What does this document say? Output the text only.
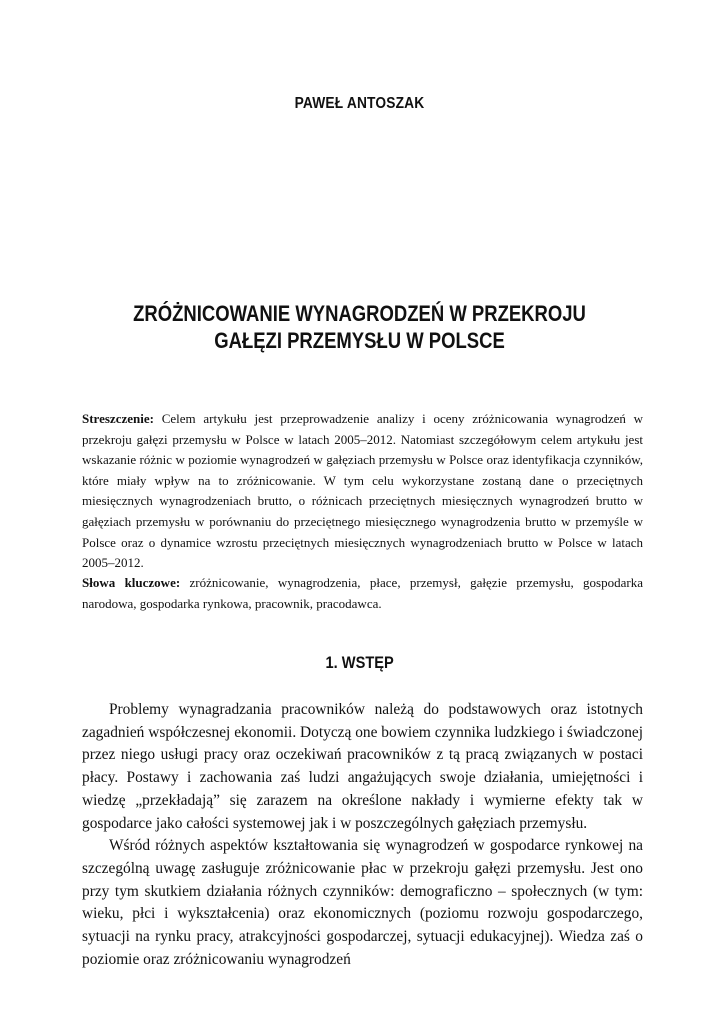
PAWEŁ ANTOSZAK
ZRÓŻNICOWANIE WYNAGRODZEŃ W PRZEKROJU
GAŁĘZI PRZEMYSŁU W POLSCE
Streszczenie: Celem artykułu jest przeprowadzenie analizy i oceny zróżnicowania wynagrodzeń w przekroju gałęzi przemysłu w Polsce w latach 2005–2012. Natomiast szczegółowym celem artykułu jest wskazanie różnic w poziomie wynagrodzeń w gałęziach przemysłu w Polsce oraz identyfikacja czynników, które miały wpływ na to zróżnicowanie. W tym celu wykorzystane zostaną dane o przeciętnych miesięcznych wynagrodzeniach brutto, o różnicach przeciętnych miesięcznych wynagrodzeń brutto w gałęziach przemysłu w porównaniu do przeciętnego miesięcznego wynagrodzenia brutto w przemyśle w Polsce oraz o dynamice wzrostu przeciętnych miesięcznych wynagrodzeniach brutto w Polsce w latach 2005–2012.
Słowa kluczowe: zróżnicowanie, wynagrodzenia, płace, przemysł, gałęzie przemysłu, gospodarka narodowa, gospodarka rynkowa, pracownik, pracodawca.
1. WSTĘP

Problemy wynagradzania pracowników należą do podstawowych oraz istotnych zagadnień współczesnej ekonomii. Dotyczą one bowiem czynnika ludzkiego i świadczonej przez niego usługi pracy oraz oczekiwań pracowników z tą pracą związanych w postaci płacy. Postawy i zachowania zaś ludzi angażujących swoje działania, umiejętności i wiedzę „przekładają” się zarazem na określone nakłady i wymierne efekty tak w gospodarce jako całości systemowej jak i w poszczególnych gałęziach przemysłu.

Wśród różnych aspektów kształtowania się wynagrodzeń w gospodarce rynkowej na szczególną uwagę zasługuje zróżnicowanie płac w przekroju gałęzi przemysłu. Jest ono przy tym skutkiem działania różnych czynników: demograficzno – społecznych (w tym: wieku, płci i wykształcenia) oraz ekonomicznych (poziomu rozwoju gospodarczego, sytuacji na rynku pracy, atrakcyjności gospodarczej, sytuacji edukacyjnej). Wiedza zaś o poziomie oraz zróżnicowaniu wynagrodzeń
